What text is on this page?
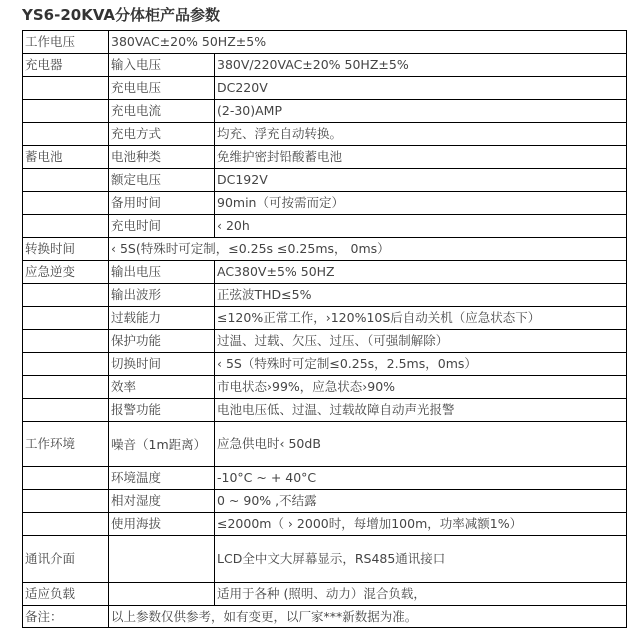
YS6-20KVA分体柜产品参数
工作电压	380VAC±20% 50HZ±5%	
充电器	输入电压	380V/220VAC±20% 50HZ±5%
	充电电压	DC220V
	充电电流	(2-30)AMP
	充电方式	均充、浮充自动转换。
蓄电池	电池种类	免维护密封铅酸蓄电池
	额定电压	DC192V
	备用时间	90min（可按需而定）
	充电时间	‹ 20h
转换时间	‹ 5S(特殊时可定制，≤0.25s ≤0.25ms， 0ms）	
应急逆变	输出电压	AC380V±5% 50HZ
	输出波形	正弦波THD≤5%
	过载能力	≤120%正常工作，›120%10S后自动关机（应急状态下）
	保护功能	过温、过载、欠压、过压、（可强制解除）
	切换时间	‹ 5S（特殊时可定制≤0.25s，2.5ms，0ms）
	效率	市电状态›99%，应急状态›90%
	报警功能	电池电压低、过温、过载故障自动声光报警
工作环境	噪音（1m距离）	应急供电时‹ 50dB
	环境温度	-10°C ~ + 40°C
	相对湿度	0 ~ 90% ,不结露
	使用海拔	≤2000m（ › 2000时，每增加100m，功率减额1%）
通讯介面		LCD全中文大屏幕显示，RS485通讯接口
适应负载		适用于各种 (照明、动力）混合负载，
备注：	以上参数仅供参考，如有变更，以厂家***新数据为准。	
